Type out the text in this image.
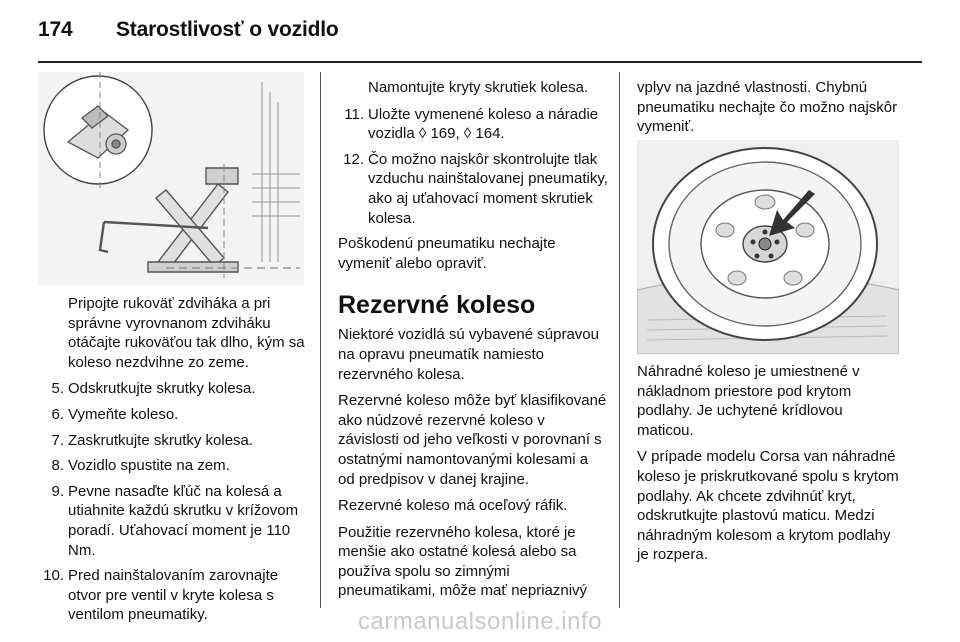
174 Starostlivosť o vozidlo

Pripojte rukoväť zdviháka a pri správne vyrovnanom zdviháku otáčajte rukoväťou tak dlho, kým sa koleso nezdvihne zo zeme.

5. Odskrutkujte skrutky kolesa.
6. Vymeňte koleso.
7. Zaskrutkujte skrutky kolesa.
8. Vozidlo spustite na zem.
9. Pevne nasaďte kľúč na kolesá a utiahnite každú skrutku v krížovom poradí. Uťahovací moment je 110 Nm.
10. Pred nainštalovaním zarovnajte otvor pre ventil v kryte kolesa s ventilom pneumatiky.

Namontujte kryty skrutiek kolesa.

11. Uložte vymenené koleso a náradie vozidla ◊ 169, ◊ 164.
12. Čo možno najskôr skontrolujte tlak vzduchu nainštalovanej pneumatiky, ako aj uťahovací moment skrutiek kolesa.

Poškodenú pneumatiku nechajte vymeniť alebo opraviť.

Rezervné koleso

Niektoré vozidlá sú vybavené súpravou na opravu pneumatík namiesto rezervného kolesa.

Rezervné koleso môže byť klasifikované ako núdzové rezervné koleso v závislosti od jeho veľkosti v porovnaní s ostatnými namontovanými kolesami a od predpisov v danej krajine.

Rezervné koleso má oceľový ráfik.

Použitie rezervného kolesa, ktoré je menšie ako ostatné kolesá alebo sa používa spolu so zimnými pneumatikami, môže mať nepriaznivý

vplyv na jazdné vlastnosti. Chybnú pneumatiku nechajte čo možno najskôr vymeniť.

Náhradné koleso je umiestnené v nákladnom priestore pod krytom podlahy. Je uchytené krídlovou maticou.

V prípade modelu Corsa van náhradné koleso je priskrutkované spolu s krytom podlahy. Ak chcete zdvihnúť kryt, odskrutkujte plastovú maticu. Medzi náhradným kolesom a krytom podlahy je rozpera.

carmanualsonline.info
